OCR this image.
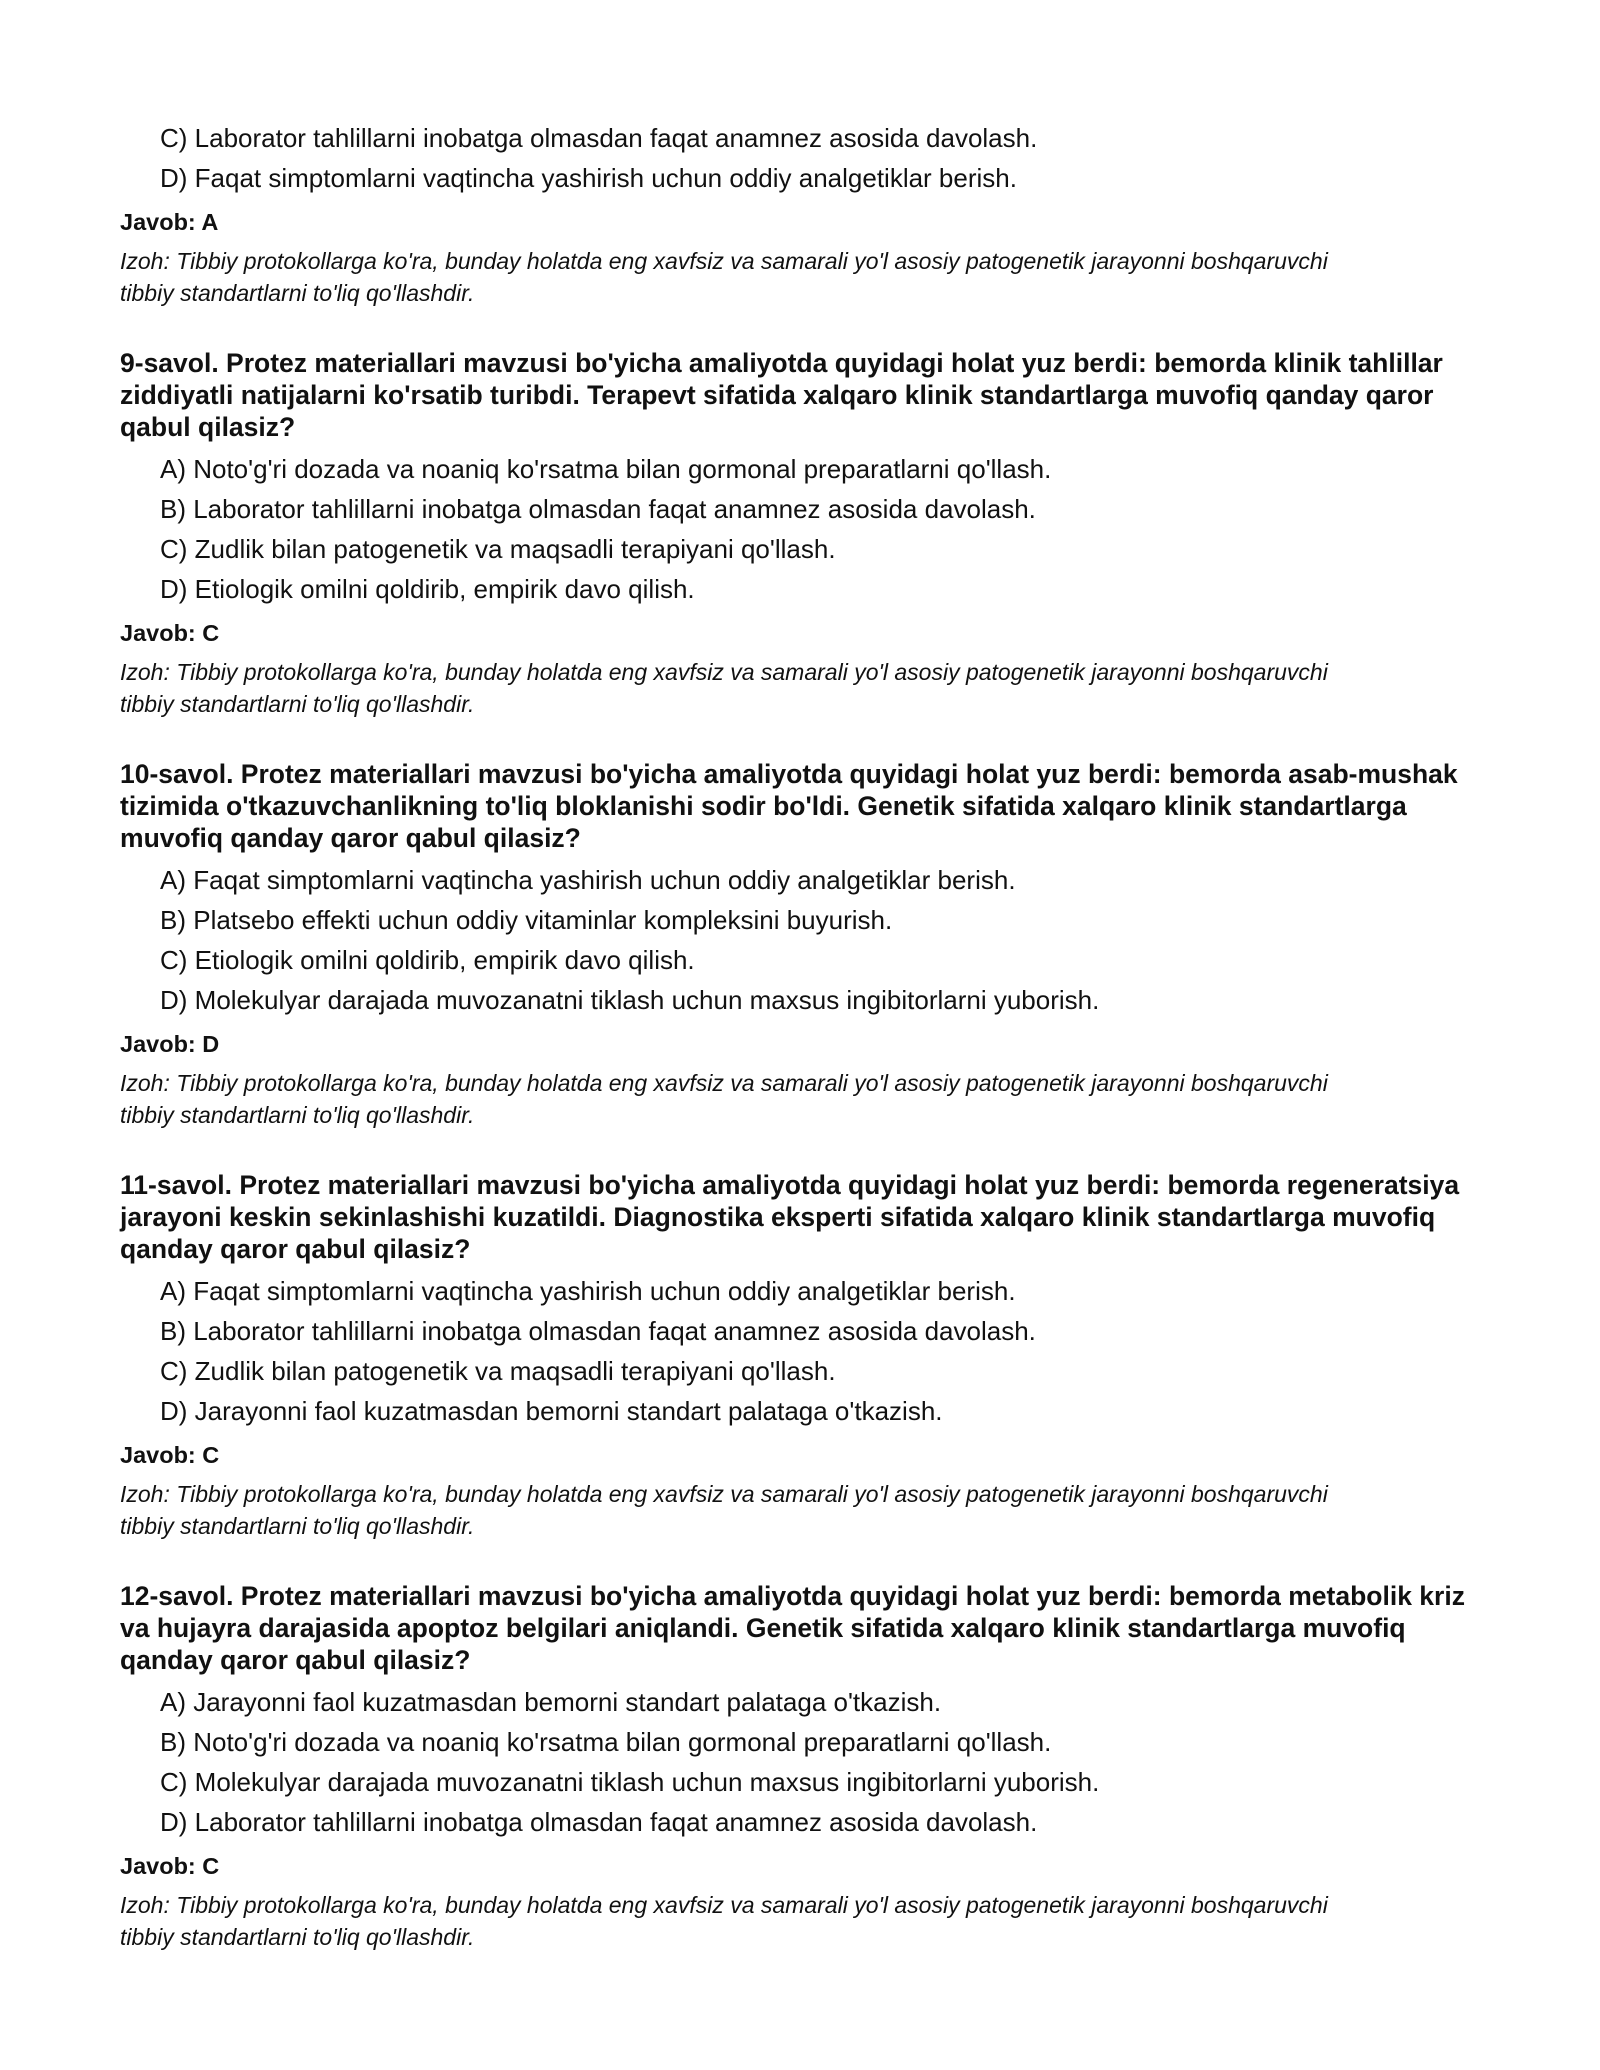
C) Laborator tahlillarni inobatga olmasdan faqat anamnez asosida davolash.
D) Faqat simptomlarni vaqtincha yashirish uchun oddiy analgetiklar berish.
Javob: A
Izoh: Tibbiy protokollarga ko'ra, bunday holatda eng xavfsiz va samarali yo'l asosiy patogenetik jarayonni boshqaruvchi tibbiy standartlarni to'liq qo'llashdir.

9-savol. Protez materiallari mavzusi bo'yicha amaliyotda quyidagi holat yuz berdi: bemorda klinik tahlillar ziddiyatli natijalarni ko'rsatib turibdi. Terapevt sifatida xalqaro klinik standartlarga muvofiq qanday qaror qabul qilasiz?

A) Noto'g'ri dozada va noaniq ko'rsatma bilan gormonal preparatlarni qo'llash.
B) Laborator tahlillarni inobatga olmasdan faqat anamnez asosida davolash.
C) Zudlik bilan patogenetik va maqsadli terapiyani qo'llash.
D) Etiologik omilni qoldirib, empirik davo qilish.
Javob: C
Izoh: Tibbiy protokollarga ko'ra, bunday holatda eng xavfsiz va samarali yo'l asosiy patogenetik jarayonni boshqaruvchi tibbiy standartlarni to'liq qo'llashdir.

10-savol. Protez materiallari mavzusi bo'yicha amaliyotda quyidagi holat yuz berdi: bemorda asab-mushak tizimida o'tkazuvchanlikning to'liq bloklanishi sodir bo'ldi. Genetik sifatida xalqaro klinik standartlarga muvofiq qanday qaror qabul qilasiz?

A) Faqat simptomlarni vaqtincha yashirish uchun oddiy analgetiklar berish.
B) Platsebo effekti uchun oddiy vitaminlar kompleksini buyurish.
C) Etiologik omilni qoldirib, empirik davo qilish.
D) Molekulyar darajada muvozanatni tiklash uchun maxsus ingibitorlarni yuborish.
Javob: D
Izoh: Tibbiy protokollarga ko'ra, bunday holatda eng xavfsiz va samarali yo'l asosiy patogenetik jarayonni boshqaruvchi tibbiy standartlarni to'liq qo'llashdir.

11-savol. Protez materiallari mavzusi bo'yicha amaliyotda quyidagi holat yuz berdi: bemorda regeneratsiya jarayoni keskin sekinlashishi kuzatildi. Diagnostika eksperti sifatida xalqaro klinik standartlarga muvofiq qanday qaror qabul qilasiz?

A) Faqat simptomlarni vaqtincha yashirish uchun oddiy analgetiklar berish.
B) Laborator tahlillarni inobatga olmasdan faqat anamnez asosida davolash.
C) Zudlik bilan patogenetik va maqsadli terapiyani qo'llash.
D) Jarayonni faol kuzatmasdan bemorni standart palataga o'tkazish.
Javob: C
Izoh: Tibbiy protokollarga ko'ra, bunday holatda eng xavfsiz va samarali yo'l asosiy patogenetik jarayonni boshqaruvchi tibbiy standartlarni to'liq qo'llashdir.

12-savol. Protez materiallari mavzusi bo'yicha amaliyotda quyidagi holat yuz berdi: bemorda metabolik kriz va hujayra darajasida apoptoz belgilari aniqlandi. Genetik sifatida xalqaro klinik standartlarga muvofiq qanday qaror qabul qilasiz?

A) Jarayonni faol kuzatmasdan bemorni standart palataga o'tkazish.
B) Noto'g'ri dozada va noaniq ko'rsatma bilan gormonal preparatlarni qo'llash.
C) Molekulyar darajada muvozanatni tiklash uchun maxsus ingibitorlarni yuborish.
D) Laborator tahlillarni inobatga olmasdan faqat anamnez asosida davolash.
Javob: C
Izoh: Tibbiy protokollarga ko'ra, bunday holatda eng xavfsiz va samarali yo'l asosiy patogenetik jarayonni boshqaruvchi tibbiy standartlarni to'liq qo'llashdir.
